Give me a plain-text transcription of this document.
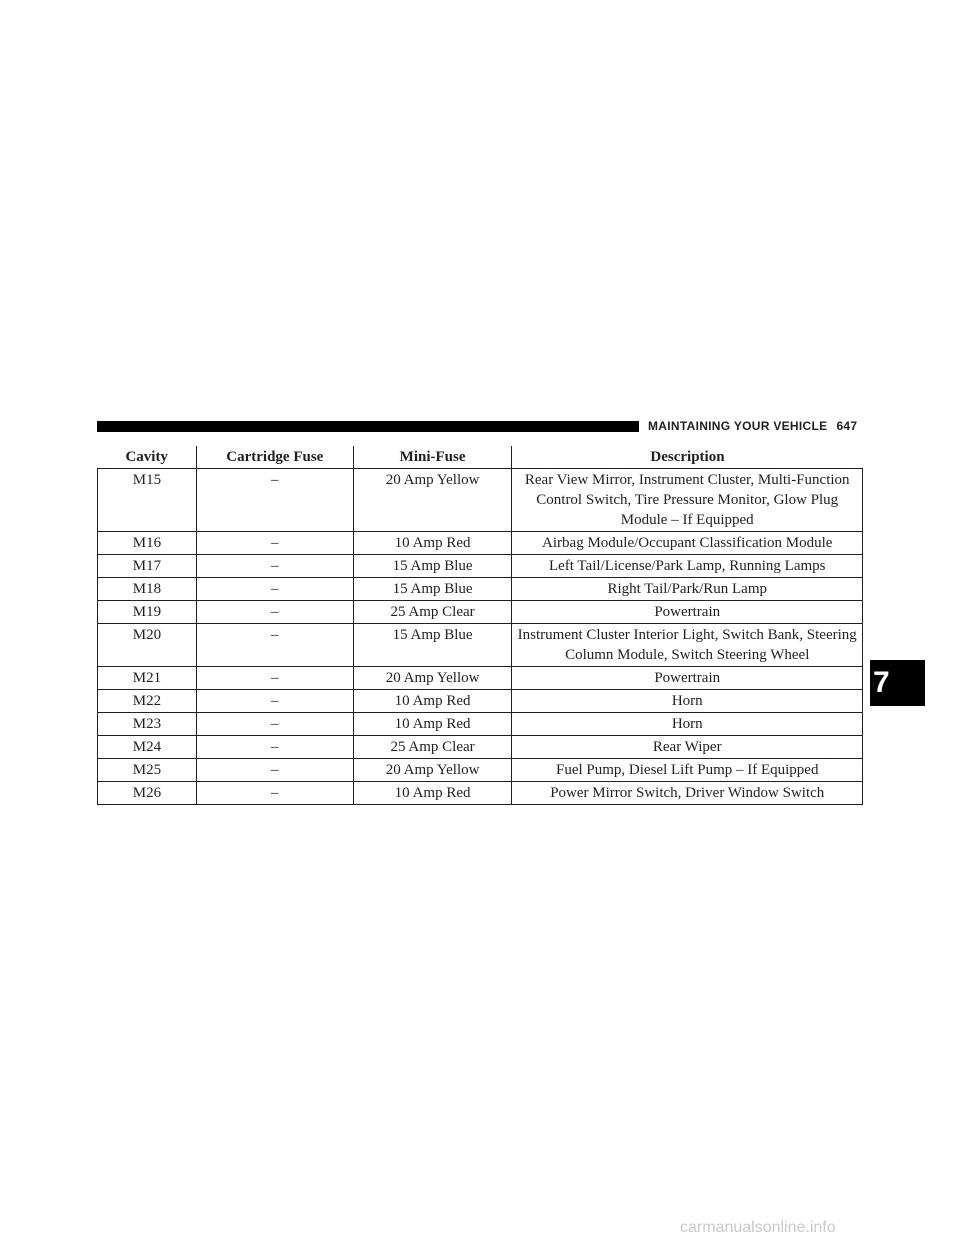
MAINTAINING YOUR VEHICLE 647
7
Cavity	Cartridge Fuse	Mini-Fuse	Description
M15	–	20 Amp Yellow	Rear View Mirror, Instrument Cluster, Multi-Function Control Switch, Tire Pressure Monitor, Glow Plug Module – If Equipped
M16	–	10 Amp Red	Airbag Module/Occupant Classification Module
M17	–	15 Amp Blue	Left Tail/License/Park Lamp, Running Lamps
M18	–	15 Amp Blue	Right Tail/Park/Run Lamp
M19	–	25 Amp Clear	Powertrain
M20	–	15 Amp Blue	Instrument Cluster Interior Light, Switch Bank, Steering Column Module, Switch Steering Wheel
M21	–	20 Amp Yellow	Powertrain
M22	–	10 Amp Red	Horn
M23	–	10 Amp Red	Horn
M24	–	25 Amp Clear	Rear Wiper
M25	–	20 Amp Yellow	Fuel Pump, Diesel Lift Pump – If Equipped
M26	–	10 Amp Red	Power Mirror Switch, Driver Window Switch
carmanualsonline.info
